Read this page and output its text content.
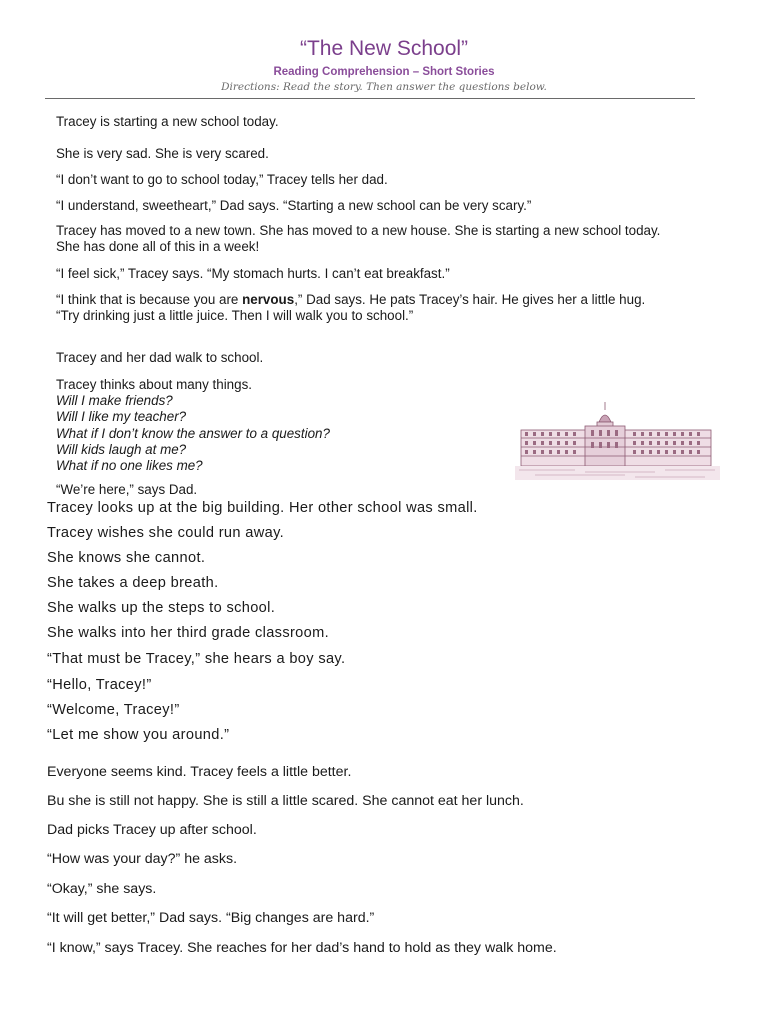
“The New School”
Reading Comprehension – Short Stories
Directions: Read the story. Then answer the questions below.

Tracey is starting a new school today.

She is very sad. She is very scared.

“I don’t want to go to school today,” Tracey tells her dad.

“I understand, sweetheart,” Dad says. “Starting a new school can be very scary.”

Tracey has moved to a new town. She has moved to a new house. She is starting a new school today. She has done all of this in a week!

“I feel sick,” Tracey says. “My stomach hurts. I can’t eat breakfast.”

“I think that is because you are nervous,” Dad says. He pats Tracey’s hair. He gives her a little hug. “Try drinking just a little juice. Then I will walk you to school.”

Tracey and her dad walk to school.

Tracey thinks about many things.
Will I make friends?
Will I like my teacher?
What if I don’t know the answer to a question?
Will kids laugh at me?
What if no one likes me?

“We’re here,” says Dad.

Tracey looks up at the big building. Her other school was small.

Tracey wishes she could run away.

She knows she cannot.

She takes a deep breath.

She walks up the steps to school.

She walks into her third grade classroom.

“That must be Tracey,” she hears a boy say.

“Hello, Tracey!”

“Welcome, Tracey!”

“Let me show you around.”

Everyone seems kind. Tracey feels a little better.

Bu she is still not happy. She is still a little scared. She cannot eat her lunch.

Dad picks Tracey up after school.

“How was your day?” he asks.

“Okay,” she says.

“It will get better,” Dad says. “Big changes are hard.”

“I know,” says Tracey. She reaches for her dad’s hand to hold as they walk home.
